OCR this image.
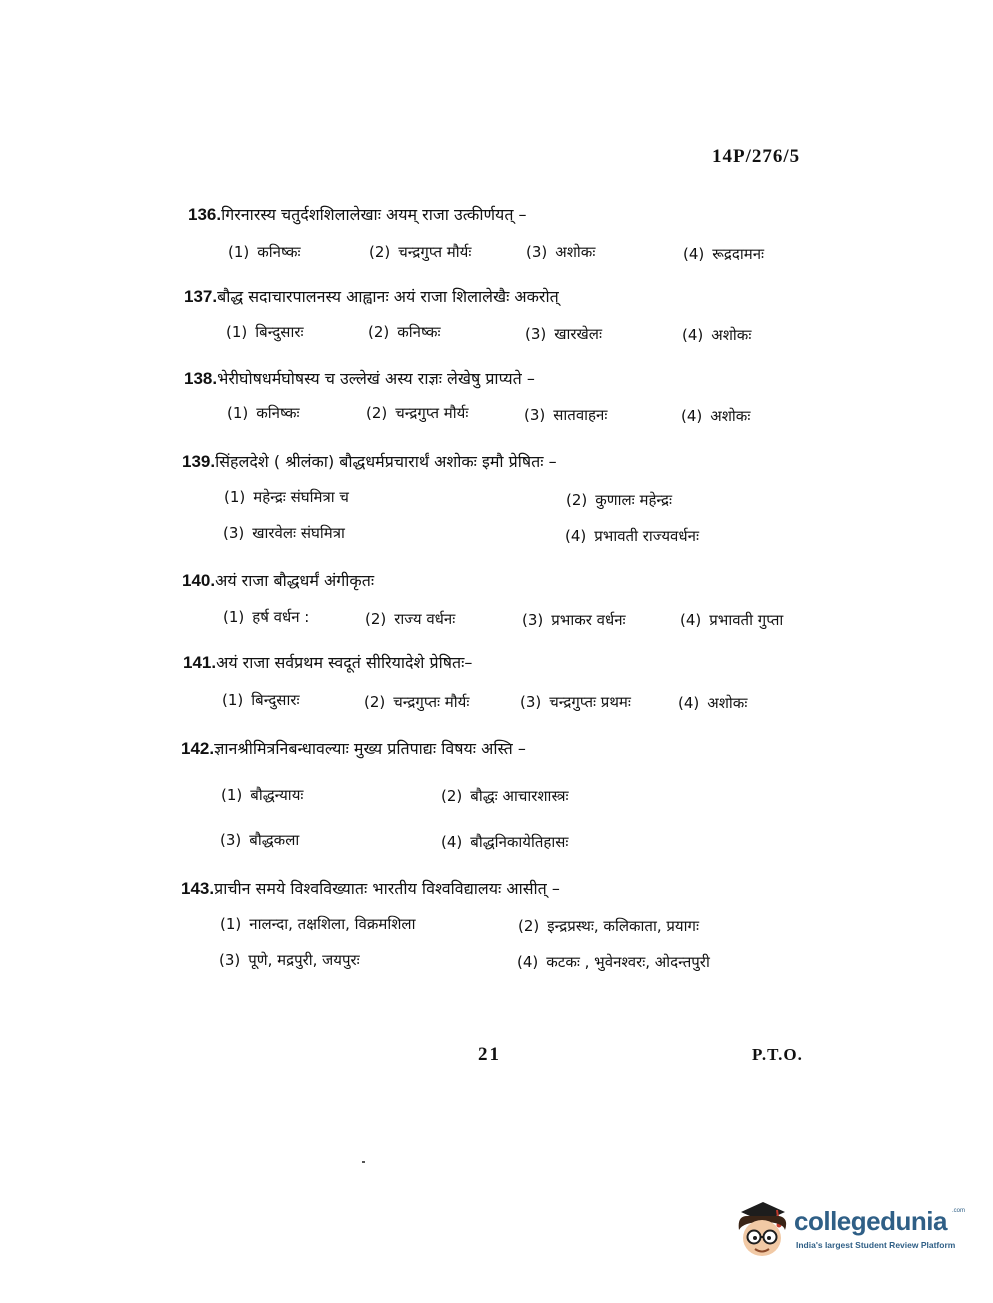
14P/276/5
136.गिरनारस्य चतुर्दशशिलालेखाः अयम् राजा उत्कीर्णयत् –
(1) कनिष्कः	(2) चन्द्रगुप्त मौर्यः	(3) अशोकः	(4) रूद्रदामनः
137.बौद्ध सदाचारपालनस्य आह्वानः अयं राजा शिलालेखैः अकरोत्
(1) बिन्दुसारः	(2) कनिष्कः	(3) खारखेलः	(4) अशोकः
138.भेरीघोषधर्मघोषस्य च उल्लेखं अस्य राज्ञः लेखेषु प्राप्यते –
(1) कनिष्कः	(2) चन्द्रगुप्त मौर्यः	(3) सातवाहनः	(4) अशोकः
139.सिंहलदेशे ( श्रीलंका) बौद्धधर्मप्रचारार्थं अशोकः इमौ प्रेषितः –
(1) महेन्द्रः संघमित्रा च	(2) कुणालः महेन्द्रः
(3) खारवेलः संघमित्रा	(4) प्रभावती राज्यवर्धनः
140.अयं राजा बौद्धधर्मं अंगीकृतः
(1) हर्ष वर्धन :	(2) राज्य वर्धनः	(3) प्रभाकर वर्धनः	(4) प्रभावती गुप्ता
141.अयं राजा सर्वप्रथम स्वदूतं सीरियादेशे प्रेषितः–
(1) बिन्दुसारः	(2) चन्द्रगुप्तः मौर्यः	(3) चन्द्रगुप्तः प्रथमः	(4) अशोकः
142.ज्ञानश्रीमित्रनिबन्धावल्याः मुख्य प्रतिपाद्यः विषयः अस्ति –
(1) बौद्धन्यायः	(2) बौद्धः आचारशास्त्रः
(3) बौद्धकला	(4) बौद्धनिकायेतिहासः
143.प्राचीन समये विश्वविख्यातः भारतीय विश्वविद्यालयः आसीत् –
(1) नालन्दा, तक्षशिला, विक्रमशिला	(2) इन्द्रप्रस्थः, कलिकाता, प्रयागः
(3) पूणे, मद्रपुरी, जयपुरः	(4) कटकः , भुवेनश्वरः, ओदन्तपुरी
21	P.T.O.
collegedunia .com
India's largest Student Review Platform
